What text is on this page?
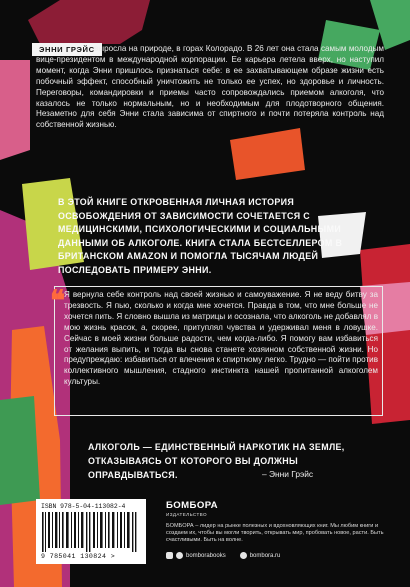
ЭННИ ГРЭЙС выросла на природе, в горах Колорадо. В 26 лет она стала самым молодым вице-президентом в международной корпорации. Ее карьера летела вверх, но наступил момент, когда Энни пришлось признаться себе: в ее захватывающем образе жизни есть побочный эффект, способный уничтожить не только ее успех, но здоровье и личность. Переговоры, командировки и приемы часто сопровождались приемом алкоголя, что казалось не только нормальным, но и необходимым для плодотворного общения. Незаметно для себя Энни стала зависима от спиртного и почти потеряла контроль над собственной жизнью.
В ЭТОЙ КНИГЕ ОТКРОВЕННАЯ ЛИЧНАЯ ИСТОРИЯ ОСВОБОЖДЕНИЯ ОТ ЗАВИСИМОСТИ СОЧЕТАЕТСЯ С МЕДИЦИНСКИМИ, ПСИХОЛОГИЧЕСКИМИ И СОЦИАЛЬНЫМИ ДАННЫМИ ОБ АЛКОГОЛЕ. КНИГА СТАЛА БЕСТСЕЛЛЕРОМ В БРИТАНСКОМ AMAZON И ПОМОГЛА ТЫСЯЧАМ ЛЮДЕЙ ПОСЛЕДОВАТЬ ПРИМЕРУ ЭННИ.
❝
Я вернула себе контроль над своей жизнью и самоуважение. Я не веду битву за трезвость. Я пью, сколько и когда мне хочется. Правда в том, что мне больше не хочется пить. Я словно вышла из матрицы и осознала, что алкоголь не добавлял в мою жизнь красок, а, скорее, притуплял чувства и удерживал меня в ловушке. Сейчас в моей жизни больше радости, чем когда-либо. Я помогу вам избавиться от желания выпить, и тогда вы снова станете хозяином собственной жизни. Но предупреждаю: избавиться от влечения к спиртному легко. Трудно — пойти против коллективного мышления, стадного инстинкта нашей пропитанной алкоголем культуры.
АЛКОГОЛЬ — ЕДИНСТВЕННЫЙ НАРКОТИК НА ЗЕМЛЕ, ОТКАЗЫВАЯСЬ ОТ КОТОРОГО ВЫ ДОЛЖНЫ ОПРАВДЫВАТЬСЯ.	– Энни Грэйс
ISBN 978-5-04-113082-4
9 785041 130824 >
БОМБОРА
ИЗДАТЕЛЬСТВО
БОМБОРА – лидер на рынке полезных и вдохновляющих книг. Мы любим книги и создаем их, чтобы вы могли творить, открывать мир, пробовать новое, расти. Быть счастливыми. Быть на волне.
bomborabooks	bombora.ru
